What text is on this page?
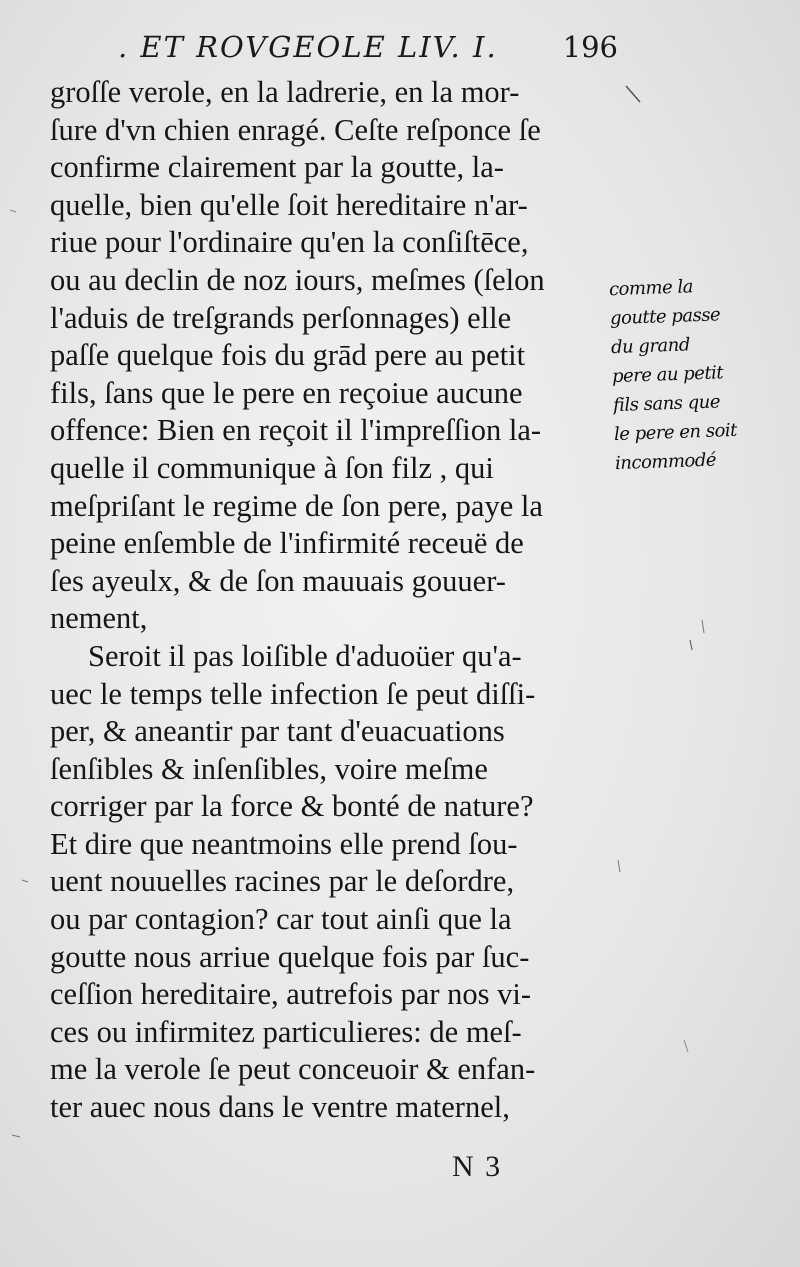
. ET ROVGEOLE LIV. I. 196
groſſe verole, en la ladrerie, en la mor-
ſure d'vn chien enragé. Ceſte reſponce ſe
confirme clairement par la goutte, la-
quelle, bien qu'elle ſoit hereditaire n'ar-
riue pour l'ordinaire qu'en la conſiſtēce,
ou au declin de noz iours, meſmes (ſelon
l'aduis de treſgrands perſonnages) elle
paſſe quelque fois du grād pere au petit
fils, ſans que le pere en reçoiue aucune
offence: Bien en reçoit il l'impreſſion la-
quelle il communique à ſon filz , qui
meſpriſant le regime de ſon pere, paye la
peine enſemble de l'infirmité receuë de
ſes ayeulx, & de ſon mauuais gouuer-
nement,
Seroit il pas loiſible d'aduoüer qu'a-
uec le temps telle infection ſe peut diſſi-
per, & aneantir par tant d'euacuations
ſenſibles & inſenſibles, voire meſme
corriger par la force & bonté de nature?
Et dire que neantmoins elle prend ſou-
uent nouuelles racines par le deſordre,
ou par contagion? car tout ainſi que la
goutte nous arriue quelque fois par ſuc-
ceſſion hereditaire, autrefois par nos vi-
ces ou infirmitez particulieres: de meſ-
me la verole ſe peut conceuoir & enfan-
ter auec nous dans le ventre maternel,
comme la
goutte passe
du grand
pere au petit
fils sans que
le pere en soit
incommodé
N 3
